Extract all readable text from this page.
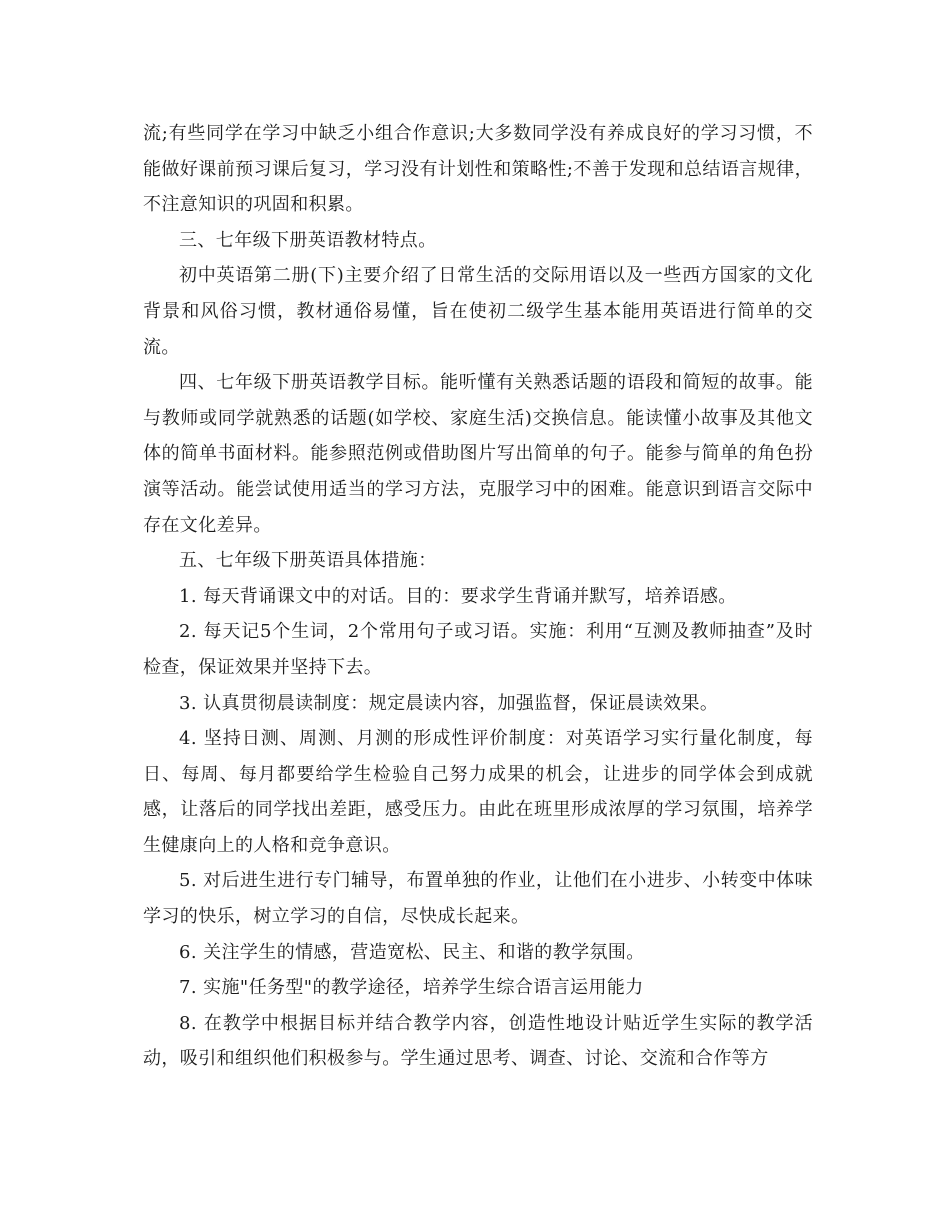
流;有些同学在学习中缺乏小组合作意识;大多数同学没有养成良好的学习习惯，不能做好课前预习课后复习，学习没有计划性和策略性;不善于发现和总结语言规律，不注意知识的巩固和积累。

三、七年级下册英语教材特点。

初中英语第二册(下)主要介绍了日常生活的交际用语以及一些西方国家的文化背景和风俗习惯，教材通俗易懂，旨在使初二级学生基本能用英语进行简单的交流。

四、七年级下册英语教学目标。能听懂有关熟悉话题的语段和简短的故事。能与教师或同学就熟悉的话题(如学校、家庭生活)交换信息。能读懂小故事及其他文体的简单书面材料。能参照范例或借助图片写出简单的句子。能参与简单的角色扮演等活动。能尝试使用适当的学习方法，克服学习中的困难。能意识到语言交际中存在文化差异。

五、七年级下册英语具体措施：

1. 每天背诵课文中的对话。目的：要求学生背诵并默写，培养语感。

2. 每天记5个生词，2个常用句子或习语。实施：利用“互测及教师抽查”及时检查，保证效果并坚持下去。

3. 认真贯彻晨读制度：规定晨读内容，加强监督，保证晨读效果。

4. 坚持日测、周测、月测的形成性评价制度：对英语学习实行量化制度，每日、每周、每月都要给学生检验自己努力成果的机会，让进步的同学体会到成就感，让落后的同学找出差距，感受压力。由此在班里形成浓厚的学习氛围，培养学生健康向上的人格和竞争意识。

5. 对后进生进行专门辅导，布置单独的作业，让他们在小进步、小转变中体味学习的快乐，树立学习的自信，尽快成长起来。

6. 关注学生的情感，营造宽松、民主、和谐的教学氛围。

7. 实施"任务型"的教学途径，培养学生综合语言运用能力

8. 在教学中根据目标并结合教学内容，创造性地设计贴近学生实际的教学活动，吸引和组织他们积极参与。学生通过思考、调查、讨论、交流和合作等方
